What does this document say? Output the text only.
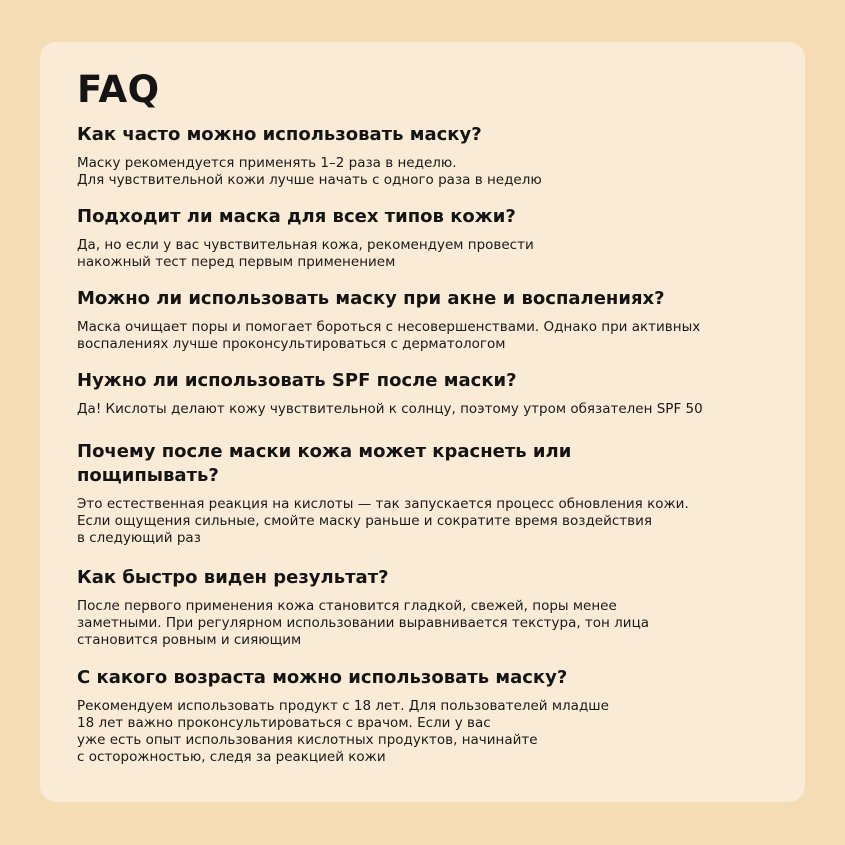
FAQ
Как часто можно использовать маску?

Маску рекомендуется применять 1–2 раза в неделю.
Для чувствительной кожи лучше начать с одного раза в неделю

Подходит ли маска для всех типов кожи?

Да, но если у вас чувствительная кожа, рекомендуем провести
накожный тест перед первым применением

Можно ли использовать маску при акне и воспалениях?

Маска очищает поры и помогает бороться с несовершенствами. Однако при активных
воспалениях лучше проконсультироваться с дерматологом

Нужно ли использовать SPF после маски?

Да! Кислоты делают кожу чувствительной к солнцу, поэтому утром обязателен SPF 50

Почему после маски кожа может краснеть или
пощипывать?

Это естественная реакция на кислоты — так запускается процесс обновления кожи.
Если ощущения сильные, смойте маску раньше и сократите время воздействия
в следующий раз

Как быстро виден результат?

После первого применения кожа становится гладкой, свежей, поры менее
заметными. При регулярном использовании выравнивается текстура, тон лица
становится ровным и сияющим

С какого возраста можно использовать маску?

Рекомендуем использовать продукт с 18 лет. Для пользователей младше
18 лет важно проконсультироваться с врачом. Если у вас
уже есть опыт использования кислотных продуктов, начинайте
с осторожностью, следя за реакцией кожи
